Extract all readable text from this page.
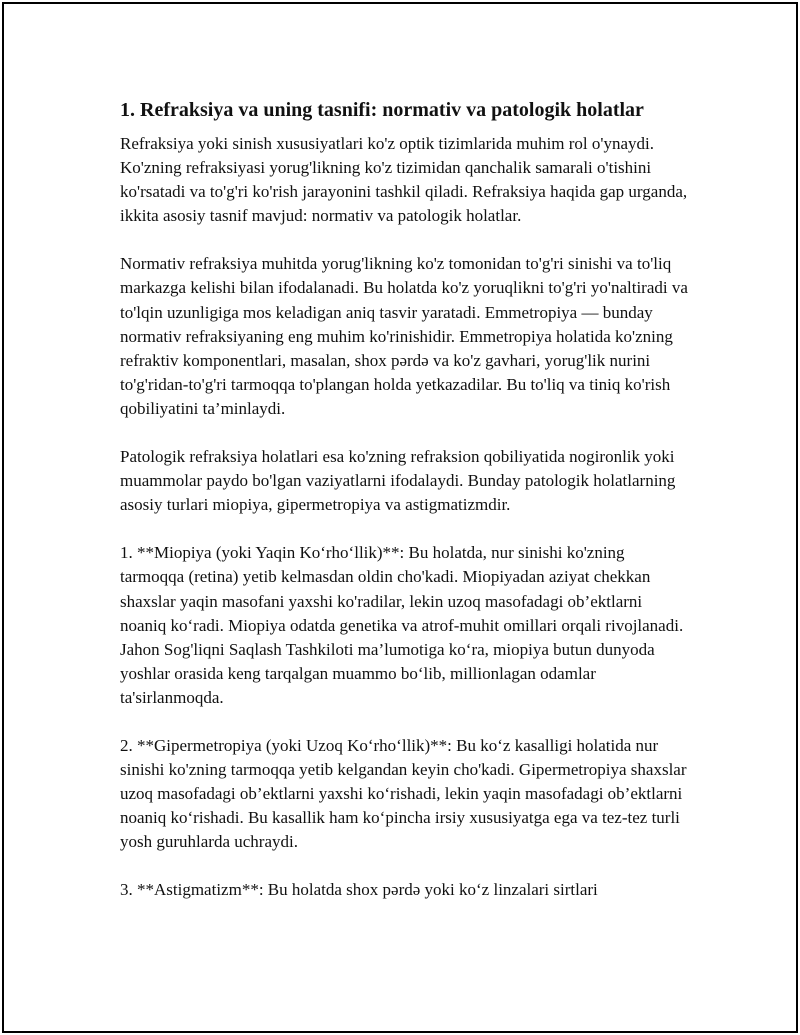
1. Refraksiya va uning tasnifi: normativ va patologik holatlar

Refraksiya yoki sinish xususiyatlari ko'z optik tizimlarida muhim rol o'ynaydi. Ko'zning refraksiyasi yorug'likning ko'z tizimidan qanchalik samarali o'tishini ko'rsatadi va to'g'ri ko'rish jarayonini tashkil qiladi. Refraksiya haqida gap urganda, ikkita asosiy tasnif mavjud: normativ va patologik holatlar.

Normativ refraksiya muhitda yorug'likning ko'z tomonidan to'g'ri sinishi va to'liq markazga kelishi bilan ifodalanadi. Bu holatda ko'z yoruqlikni to'g'ri yo'naltiradi va to'lqin uzunligiga mos keladigan aniq tasvir yaratadi. Emmetropiya — bunday normativ refraksiyaning eng muhim ko'rinishidir. Emmetropiya holatida ko'zning refraktiv komponentlari, masalan, shox pərdə va ko'z gavhari, yorug'lik nurini to'g'ridan-to'g'ri tarmoqqa to'plangan holda yetkazadilar. Bu to'liq va tiniq ko'rish qobiliyatini ta’minlaydi.

Patologik refraksiya holatlari esa ko'zning refraksion qobiliyatida nogironlik yoki muammolar paydo bo'lgan vaziyatlarni ifodalaydi. Bunday patologik holatlarning asosiy turlari miopiya, gipermetropiya va astigmatizmdir.

1. **Miopiya (yoki Yaqin Ko‘rho‘llik)**: Bu holatda, nur sinishi ko'zning tarmoqqa (retina) yetib kelmasdan oldin cho'kadi. Miopiyadan aziyat chekkan shaxslar yaqin masofani yaxshi ko'radilar, lekin uzoq masofadagi ob’ektlarni noaniq ko‘radi. Miopiya odatda genetika va atrof-muhit omillari orqali rivojlanadi. Jahon Sog'liqni Saqlash Tashkiloti ma’lumotiga ko‘ra, miopiya butun dunyoda yoshlar orasida keng tarqalgan muammo bo‘lib, millionlagan odamlar ta'sirlanmoqda.

2. **Gipermetropiya (yoki Uzoq Ko‘rho‘llik)**: Bu ko‘z kasalligi holatida nur sinishi ko'zning tarmoqqa yetib kelgandan keyin cho'kadi. Gipermetropiya shaxslar uzoq masofadagi ob’ektlarni yaxshi ko‘rishadi, lekin yaqin masofadagi ob’ektlarni noaniq ko‘rishadi. Bu kasallik ham ko‘pincha irsiy xususiyatga ega va tez-tez turli yosh guruhlarda uchraydi.

3. **Astigmatizm**: Bu holatda shox pərdə yoki ko‘z linzalari sirtlari
